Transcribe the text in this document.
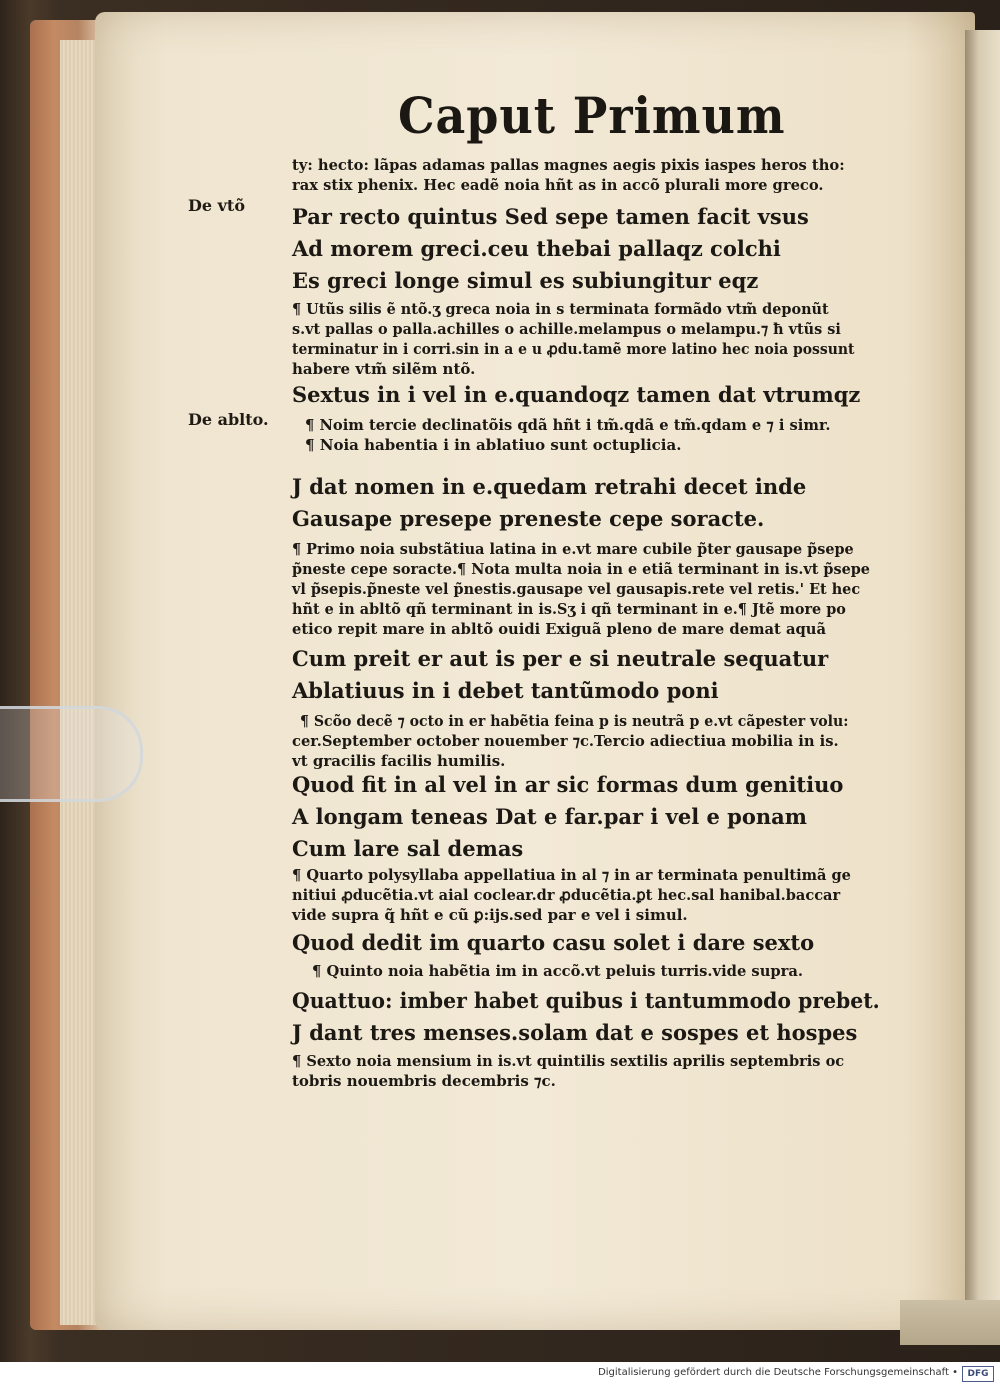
Caput Primum
De vtõ
De ablto.
ty: hecto: lãpas adamas pallas magnes aegis pixis iaspes heros tho:
rax stix phenix. Hec eadẽ noia hñt as in accõ plurali more greco.
Par recto quintus Sed sepe tamen facit vsus
Ad morem greci.ceu thebai pallaqz colchi
Es greci longe simul es subiungitur eqz
¶ Utũs silis ẽ ntõ.ʒ greca noia in s terminata formãdo vtm̃ deponũt
s.vt pallas o palla.achilles o achille.melampus o melampu.⁊ ħ vtũs si
terminatur in i corri.sin in a e u ꝓdu.tamẽ more latino hec noia possunt
habere vtm̃ silẽm ntõ.
Sextus in i vel in e.quandoqz tamen dat vtrumqz
¶ Noim tercie declinatõis qdã hñt i tm̃.qdã e tm̃.qdam e ⁊ i simr.
¶ Noia habentia i in ablatiuo sunt octuplicia.
J dat nomen in e.quedam retrahi decet inde
Gausape presepe preneste cepe soracte.
¶ Primo noia substãtiua latina in e.vt mare cubile p̃ter gausape p̃sepe
p̃neste cepe soracte.¶ Nota multa noia in e etiã terminant in is.vt p̃sepe
vl p̃sepis.p̃neste vel p̃nestis.gausape vel gausapis.rete vel retis.' Et hec
hñt e in abltõ qñ terminant in is.Sʒ i qñ terminant in e.¶ Jtẽ more po
etico repit mare in abltõ ouidi Exiguã pleno de mare demat aquã
Cum preit er aut is per e si neutrale sequatur
Ablatiuus in i debet tantũmodo poni
¶ Scõo decẽ ⁊ octo in er habẽtia feina p is neutrã p e.vt cãpester volu:
cer.September october nouember ⁊c.Tercio adiectiua mobilia in is.
vt gracilis facilis humilis.
Quod fit in al vel in ar sic formas dum genitiuo
A longam teneas Dat e far.par i vel e ponam
Cum lare sal demas
¶ Quarto polysyllaba appellatiua in al ⁊ in ar terminata penultimã ge
nitiui ꝓducẽtia.vt aial coclear.dr ꝓducẽtia.ꝑt hec.sal hanibal.baccar
vide supra q̃ hñt e cũ ꝑ:ijs.sed par e vel i simul.
Quod dedit im quarto casu solet i dare sexto
¶ Quinto noia habẽtia im in accõ.vt peluis turris.vide supra.
Quattuo: imber habet quibus i tantummodo prebet.
J dant tres menses.solam dat e sospes et hospes
¶ Sexto noia mensium in is.vt quintilis sextilis aprilis septembris oc
tobris nouembris decembris ⁊c.
Digitalisierung gefördert durch die Deutsche Forschungsgemeinschaft •	DFG
